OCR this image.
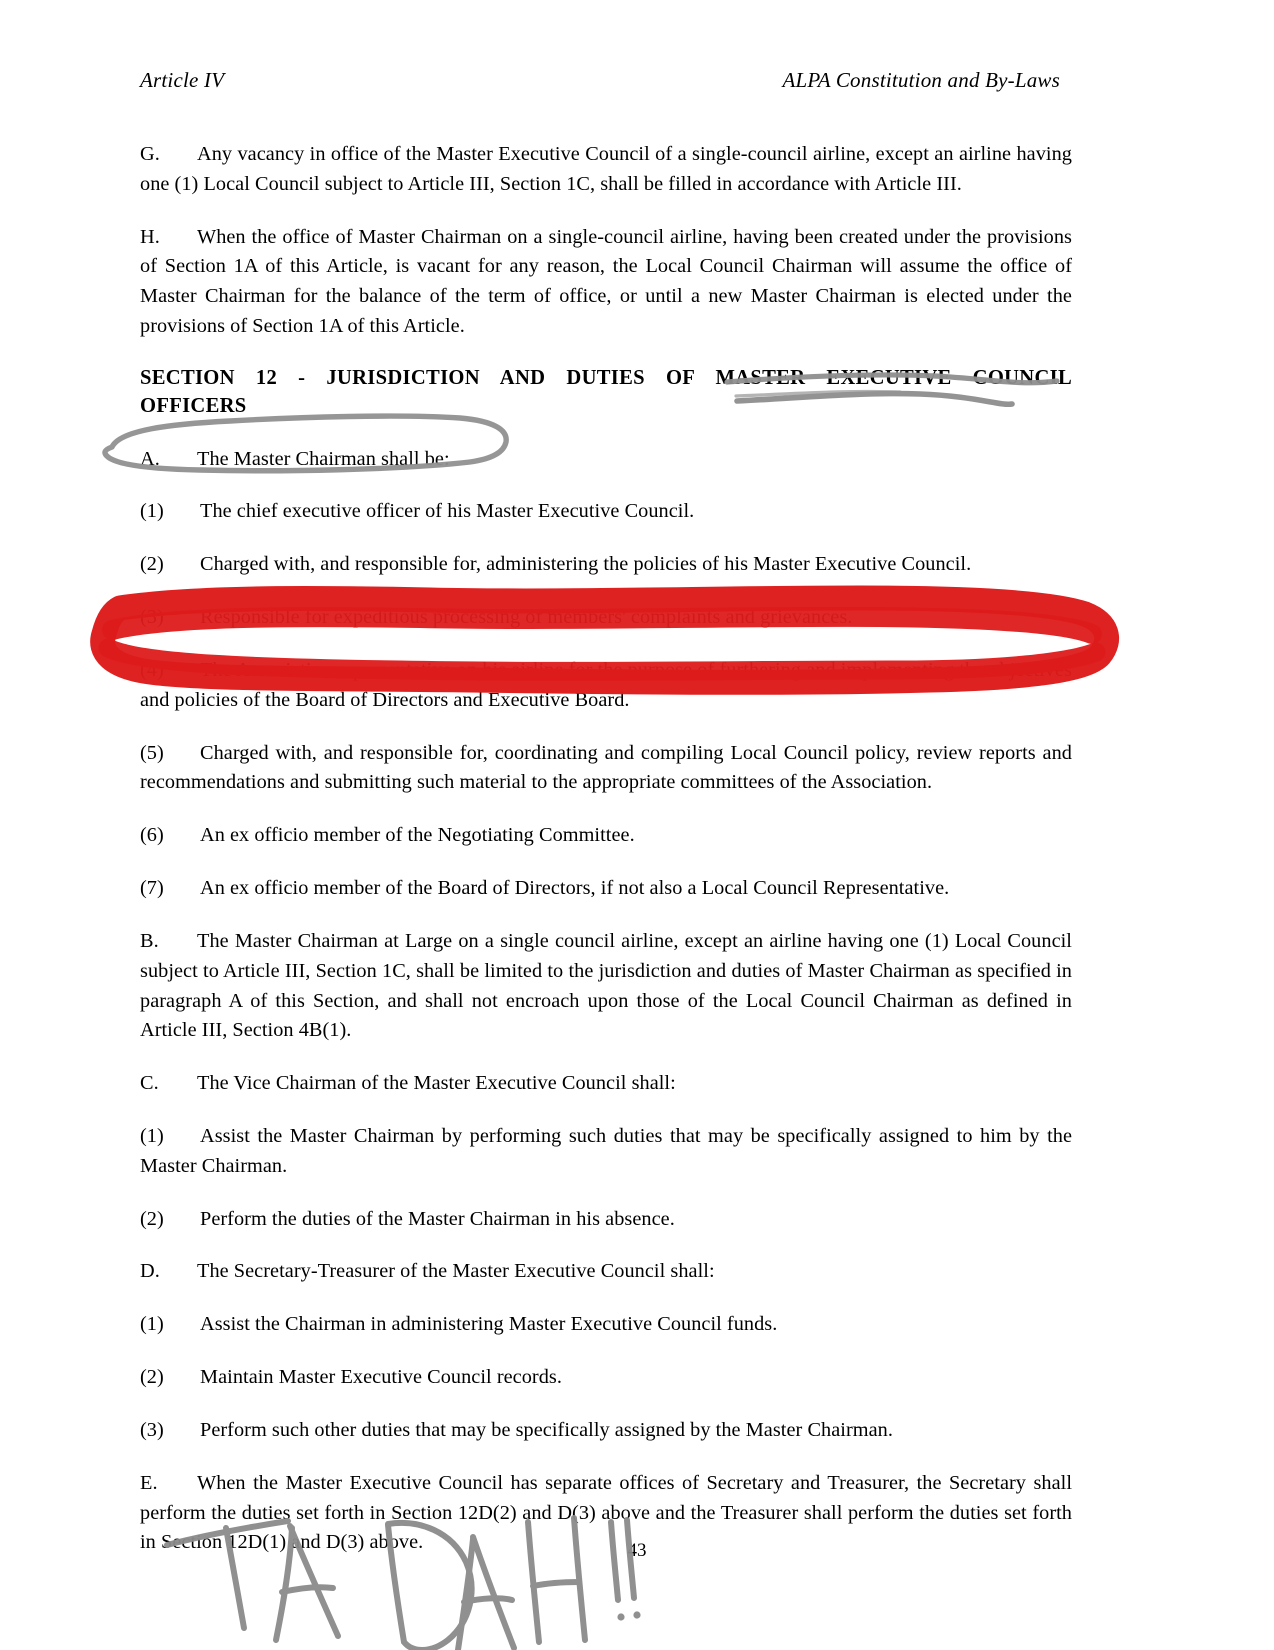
Article IV	ALPA Constitution and By-Laws

G. Any vacancy in office of the Master Executive Council of a single-council airline, except an airline having one (1) Local Council subject to Article III, Section 1C, shall be filled in accordance with Article III.

H. When the office of Master Chairman on a single-council airline, having been created under the provisions of Section 1A of this Article, is vacant for any reason, the Local Council Chairman will assume the office of Master Chairman for the balance of the term of office, or until a new Master Chairman is elected under the provisions of Section 1A of this Article.

SECTION 12 - JURISDICTION AND DUTIES OF MASTER EXECUTIVE COUNCIL
OFFICERS

A. The Master Chairman shall be:

(1) The chief executive officer of his Master Executive Council.

(2) Charged with, and responsible for, administering the policies of his Master Executive Council.

(3) Responsible for expeditious processing of members' complaints and grievances.

(4) The Association representative on his airline for the purpose of furthering and implementing the objectives and policies of the Board of Directors and Executive Board.

(5) Charged with, and responsible for, coordinating and compiling Local Council policy, review reports and recommendations and submitting such material to the appropriate committees of the Association.

(6) An ex officio member of the Negotiating Committee.

(7) An ex officio member of the Board of Directors, if not also a Local Council Representative.

B. The Master Chairman at Large on a single council airline, except an airline having one (1) Local Council subject to Article III, Section 1C, shall be limited to the jurisdiction and duties of Master Chairman as specified in paragraph A of this Section, and shall not encroach upon those of the Local Council Chairman as defined in Article III, Section 4B(1).

C. The Vice Chairman of the Master Executive Council shall:

(1) Assist the Master Chairman by performing such duties that may be specifically assigned to him by the Master Chairman.

(2) Perform the duties of the Master Chairman in his absence.

D. The Secretary-Treasurer of the Master Executive Council shall:

(1) Assist the Chairman in administering Master Executive Council funds.

(2) Maintain Master Executive Council records.

(3) Perform such other duties that may be specifically assigned by the Master Chairman.

E. When the Master Executive Council has separate offices of Secretary and Treasurer, the Secretary shall perform the duties set forth in Section 12D(2) and D(3) above and the Treasurer shall perform the duties set forth in Section 12D(1) and D(3) above.	43
